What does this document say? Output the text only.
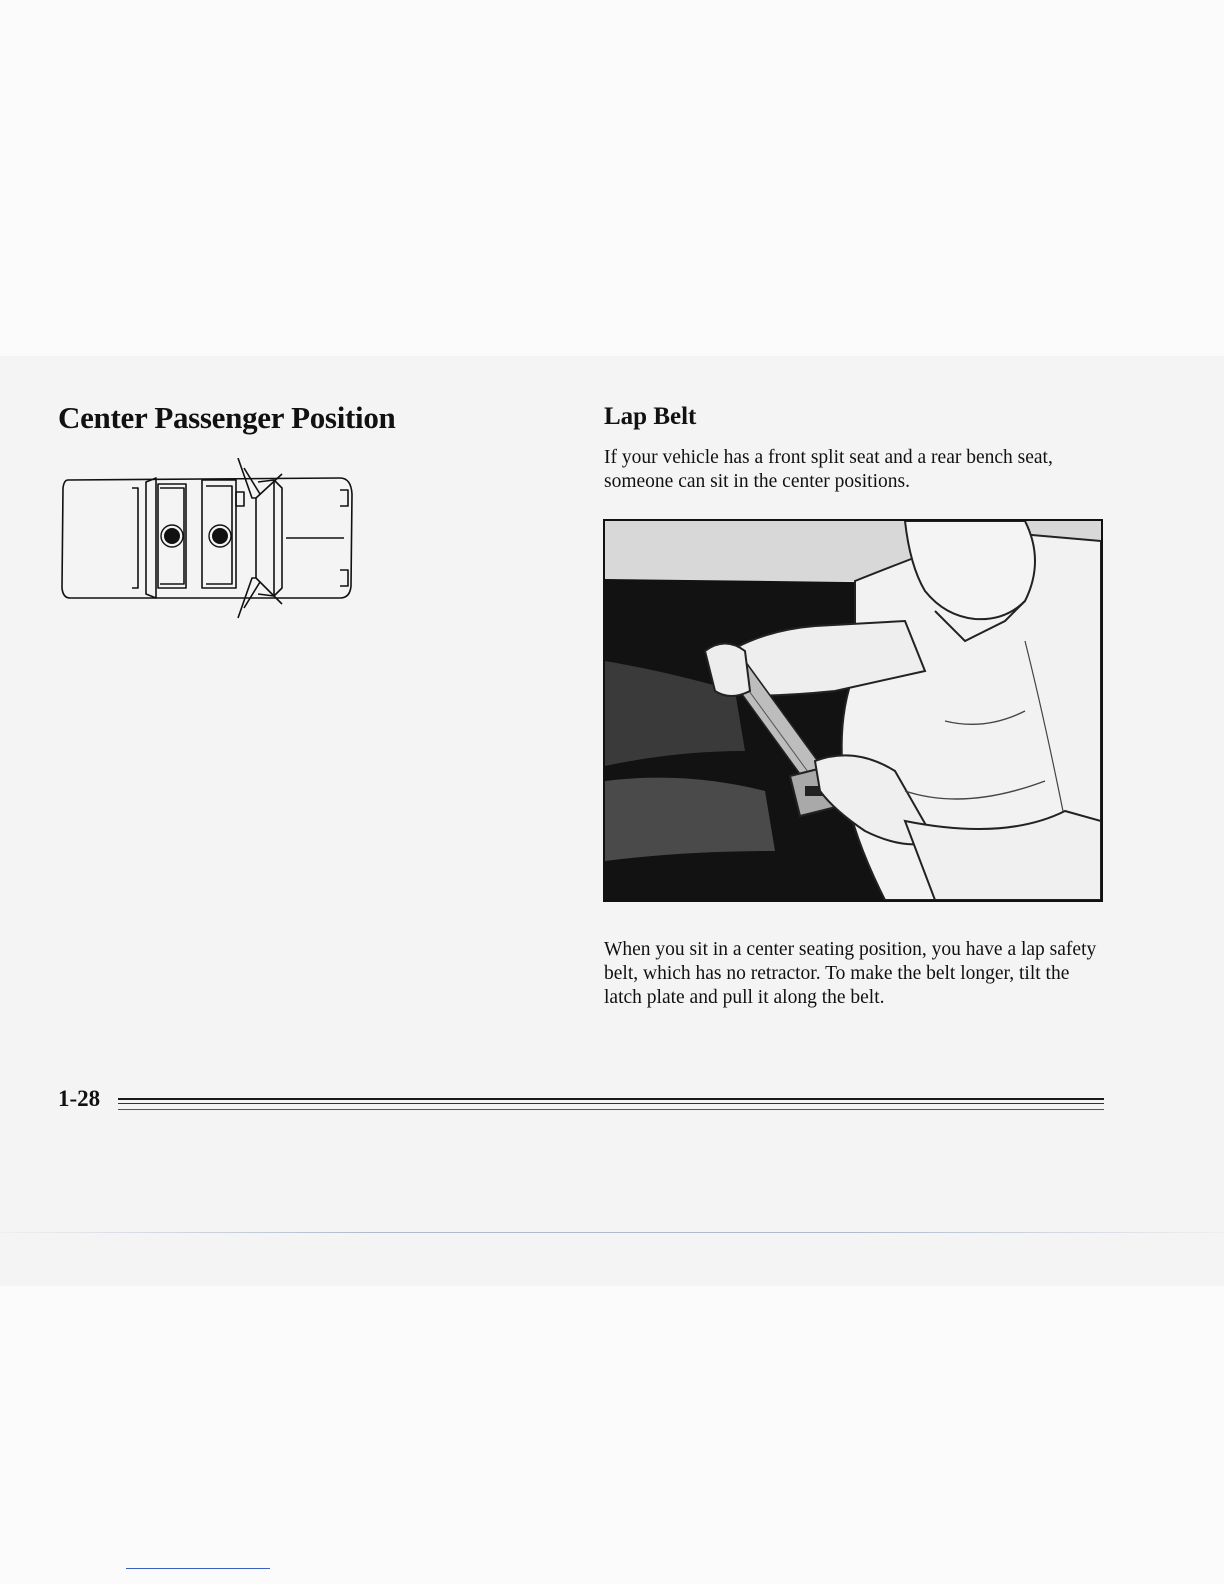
Center Passenger Position	Lap Belt

If your vehicle has a front split seat and a rear bench seat, someone can sit in the center positions.

When you sit in a center seating position, you have a lap safety belt, which has no retractor. To make the belt longer, tilt the latch plate and pull it along the belt.

1-28
